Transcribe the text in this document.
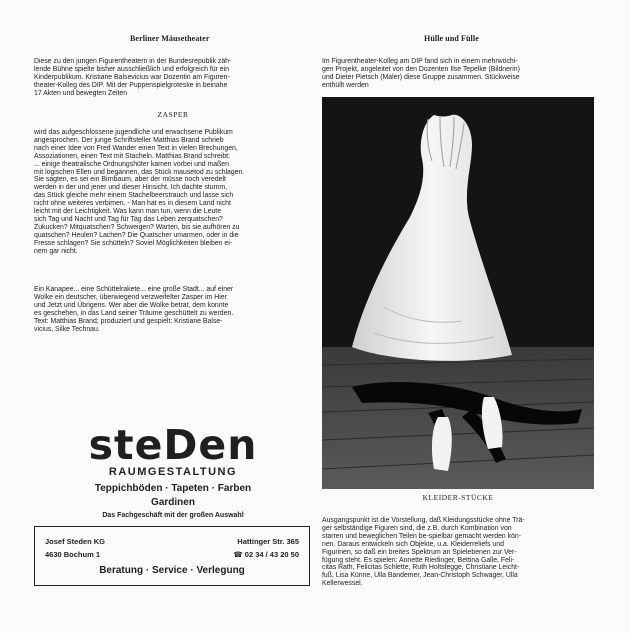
Berliner Mäusetheater	Hülle und Fülle
Diese zu den jungen Figurentheatern in der Bundesrepublik zäh-
lende Bühne spielte bisher ausschließlich und erfolgreich für ein
Kinderpublikum. Kristiane Balsevicius war Dozentin am Figuren-
theater-Kolleg des DIP. Mit der Puppenspielgroteske in beinahe
17 Akten und bewegten Zeiten
ZASPER
wird das aufgeschlossene jugendliche und erwachsene Publikum
angesprochen. Der junge Schriftsteller Matthias Brand schrieb
nach einer Idee von Fred Wander einen Text in vielen Brechungen,
Assoziationen, einen Text mit Stacheln. Matthias Brand schreibt:
... einige theatralische Ordnungshüter kamen vorbei und maßen
mit logischen Ellen und begannen, das Stück mausetod zu schlagen.
Sie sagten, es sei ein Birnbaum, aber der müsse noch veredelt
werden in der und jener und dieser Hinsicht. Ich dachte stumm,
das Stück gleiche mehr einem Stachelbeerstrauch und lasse sich
nicht ohne weiteres verbimen. - Man hat es in diesem Land nicht
leicht mit der Leichtigkeit. Was kann man tun, wenn die Leute
sich Tag und Nacht und Tag für Tag das Leben zerquatschen?
Zukucken? Mitquatschen? Schweigen? Warten, bis sie aufhören zu
quatschen? Heulen? Lachen? Die Quatscher umarmen, oder in die
Fresse schlagen? Sie schütteln? Soviel Möglichkeiten bleiben ei-
nem gar nicht.
Ein Kanapee... eine Schüttelrakete... eine große Stadt... auf einer
Wolke ein deutscher, überwiegend verzweifelter Zasper im Hier
und Jetzt und Übrigens. Wer aber die Wolke betrat, dem konnte
es geschehen, in das Land seiner Träume geschüttelt zu werden.
Text: Matthias Brand; produziert und gespielt: Kristiane Balse-
vicius, Silke Technau.
steDen
RAUMGESTALTUNG
Teppichböden · Tapeten · Farben
Gardinen
Das Fachgeschäft mit der großen Auswahl
Josef Steden KG	Hattinger Str. 365
4630 Bochum 1	☎ 02 34 / 43 20 50
Beratung · Service · Verlegung
Im Figurentheater-Kolleg am DIP fand sich in einem mehrwöchi-
gen Projekt, angeleitet von den Dozenten Ilse Tepelke (Bildnerin)
und Dieter Pietsch (Maler) diese Gruppe zusammen. Stückweise
enthüllt werden
KLEIDER-STÜCKE
Ausgangspunkt ist die Vorstellung, daß Kleidungsstücke ohne Trä-
ger selbständige Figuren sind, die z.B. durch Kombination von
starren und beweglichen Teilen be-spielbar gemacht werden kön-
nen. Daraus entwickeln sich Objekte, u.a. Kleiderreliefs und
Figurinen, so daß ein breites Spektrum an Spielebenen zur Ver-
fügung steht. Es spielen: Annette Riedinger, Bettina Galle, Feli-
citas Rath, Felicitas Schlette, Ruth Holtstegge, Christiane Leicht-
fuß, Lisa Künne, Ulla Bandemer, Jean-Christoph Schwager, Ulla
Kellerwessel.
